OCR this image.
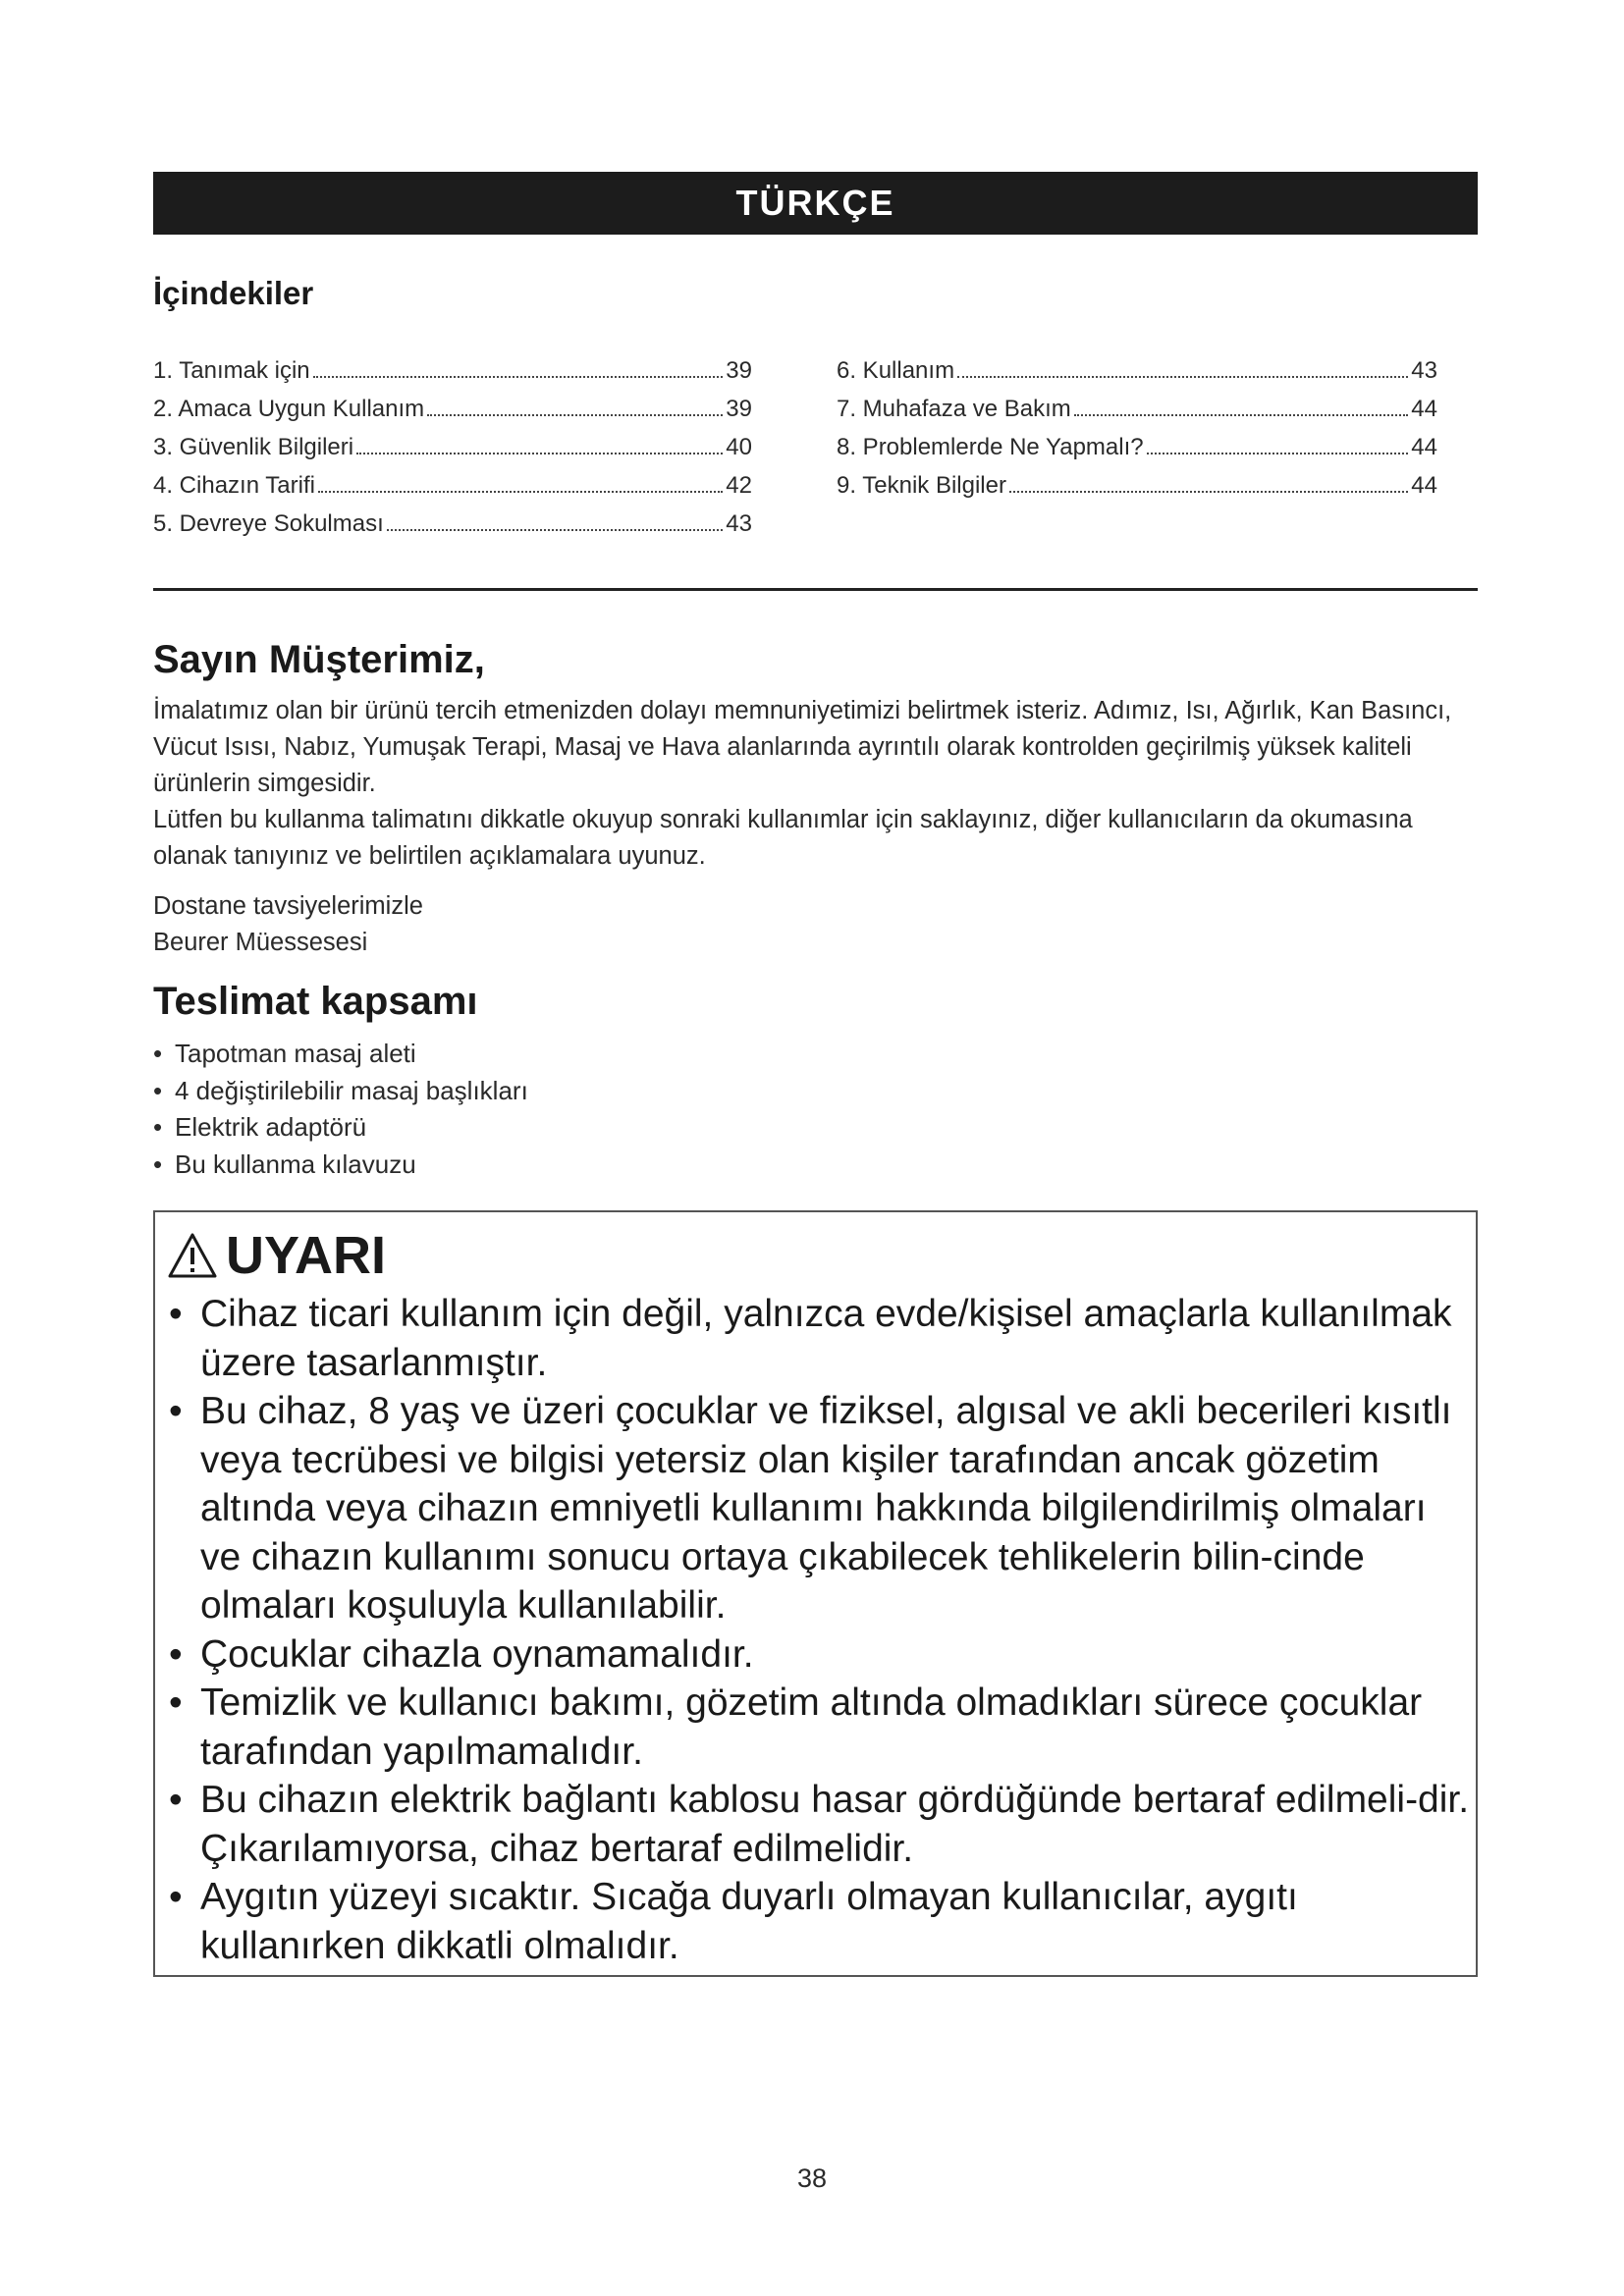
TÜRKÇE
İçindekiler
1. Tanımak için	39
2. Amaca Uygun Kullanım	39
3. Güvenlik Bilgileri	40
4. Cihazın Tarifi	42
5. Devreye Sokulması	43
6. Kullanım	43
7. Muhafaza ve Bakım	44
8. Problemlerde Ne Yapmalı?	44
9. Teknik Bilgiler	44
Sayın Müşterimiz,

İmalatımız olan bir ürünü tercih etmenizden dolayı memnuniyetimizi belirtmek isteriz. Adımız, Isı, Ağırlık, Kan Basıncı, Vücut Isısı, Nabız, Yumuşak Terapi, Masaj ve Hava alanlarında ayrıntılı olarak kontrolden geçirilmiş yüksek kaliteli ürünlerin simgesidir.

Lütfen bu kullanma talimatını dikkatle okuyup sonraki kullanımlar için saklayınız, diğer kullanıcıların da okumasına olanak tanıyınız ve belirtilen açıklamalara uyunuz.

Dostane tavsiyelerimizle

Beurer Müessesesi

Teslimat kapsamı
• Tapotman masaj aleti
• 4 değiştirilebilir masaj başlıkları
• Elektrik adaptörü
• Bu kullanma kılavuzu
UYARI
• Cihaz ticari kullanım için değil, yalnızca evde/kişisel amaçlarla kullanılmak üzere tasarlanmıştır.
• Bu cihaz, 8 yaş ve üzeri çocuklar ve fiziksel, algısal ve akli becerileri kısıtlı veya tecrübesi ve bilgisi yetersiz olan kişiler tarafından ancak gözetim altında veya cihazın emniyetli kullanımı hakkında bilgilendirilmiş olmaları ve cihazın kullanımı sonucu ortaya çıkabilecek tehlikelerin bilin-cinde olmaları koşuluyla kullanılabilir.
• Çocuklar cihazla oynamamalıdır.
• Temizlik ve kullanıcı bakımı, gözetim altında olmadıkları sürece çocuklar tarafından yapılmamalıdır.
• Bu cihazın elektrik bağlantı kablosu hasar gördüğünde bertaraf edilmeli-dir. Çıkarılamıyorsa, cihaz bertaraf edilmelidir.
• Aygıtın yüzeyi sıcaktır. Sıcağa duyarlı olmayan kullanıcılar, aygıtı kullanırken dikkatli olmalıdır.
38
